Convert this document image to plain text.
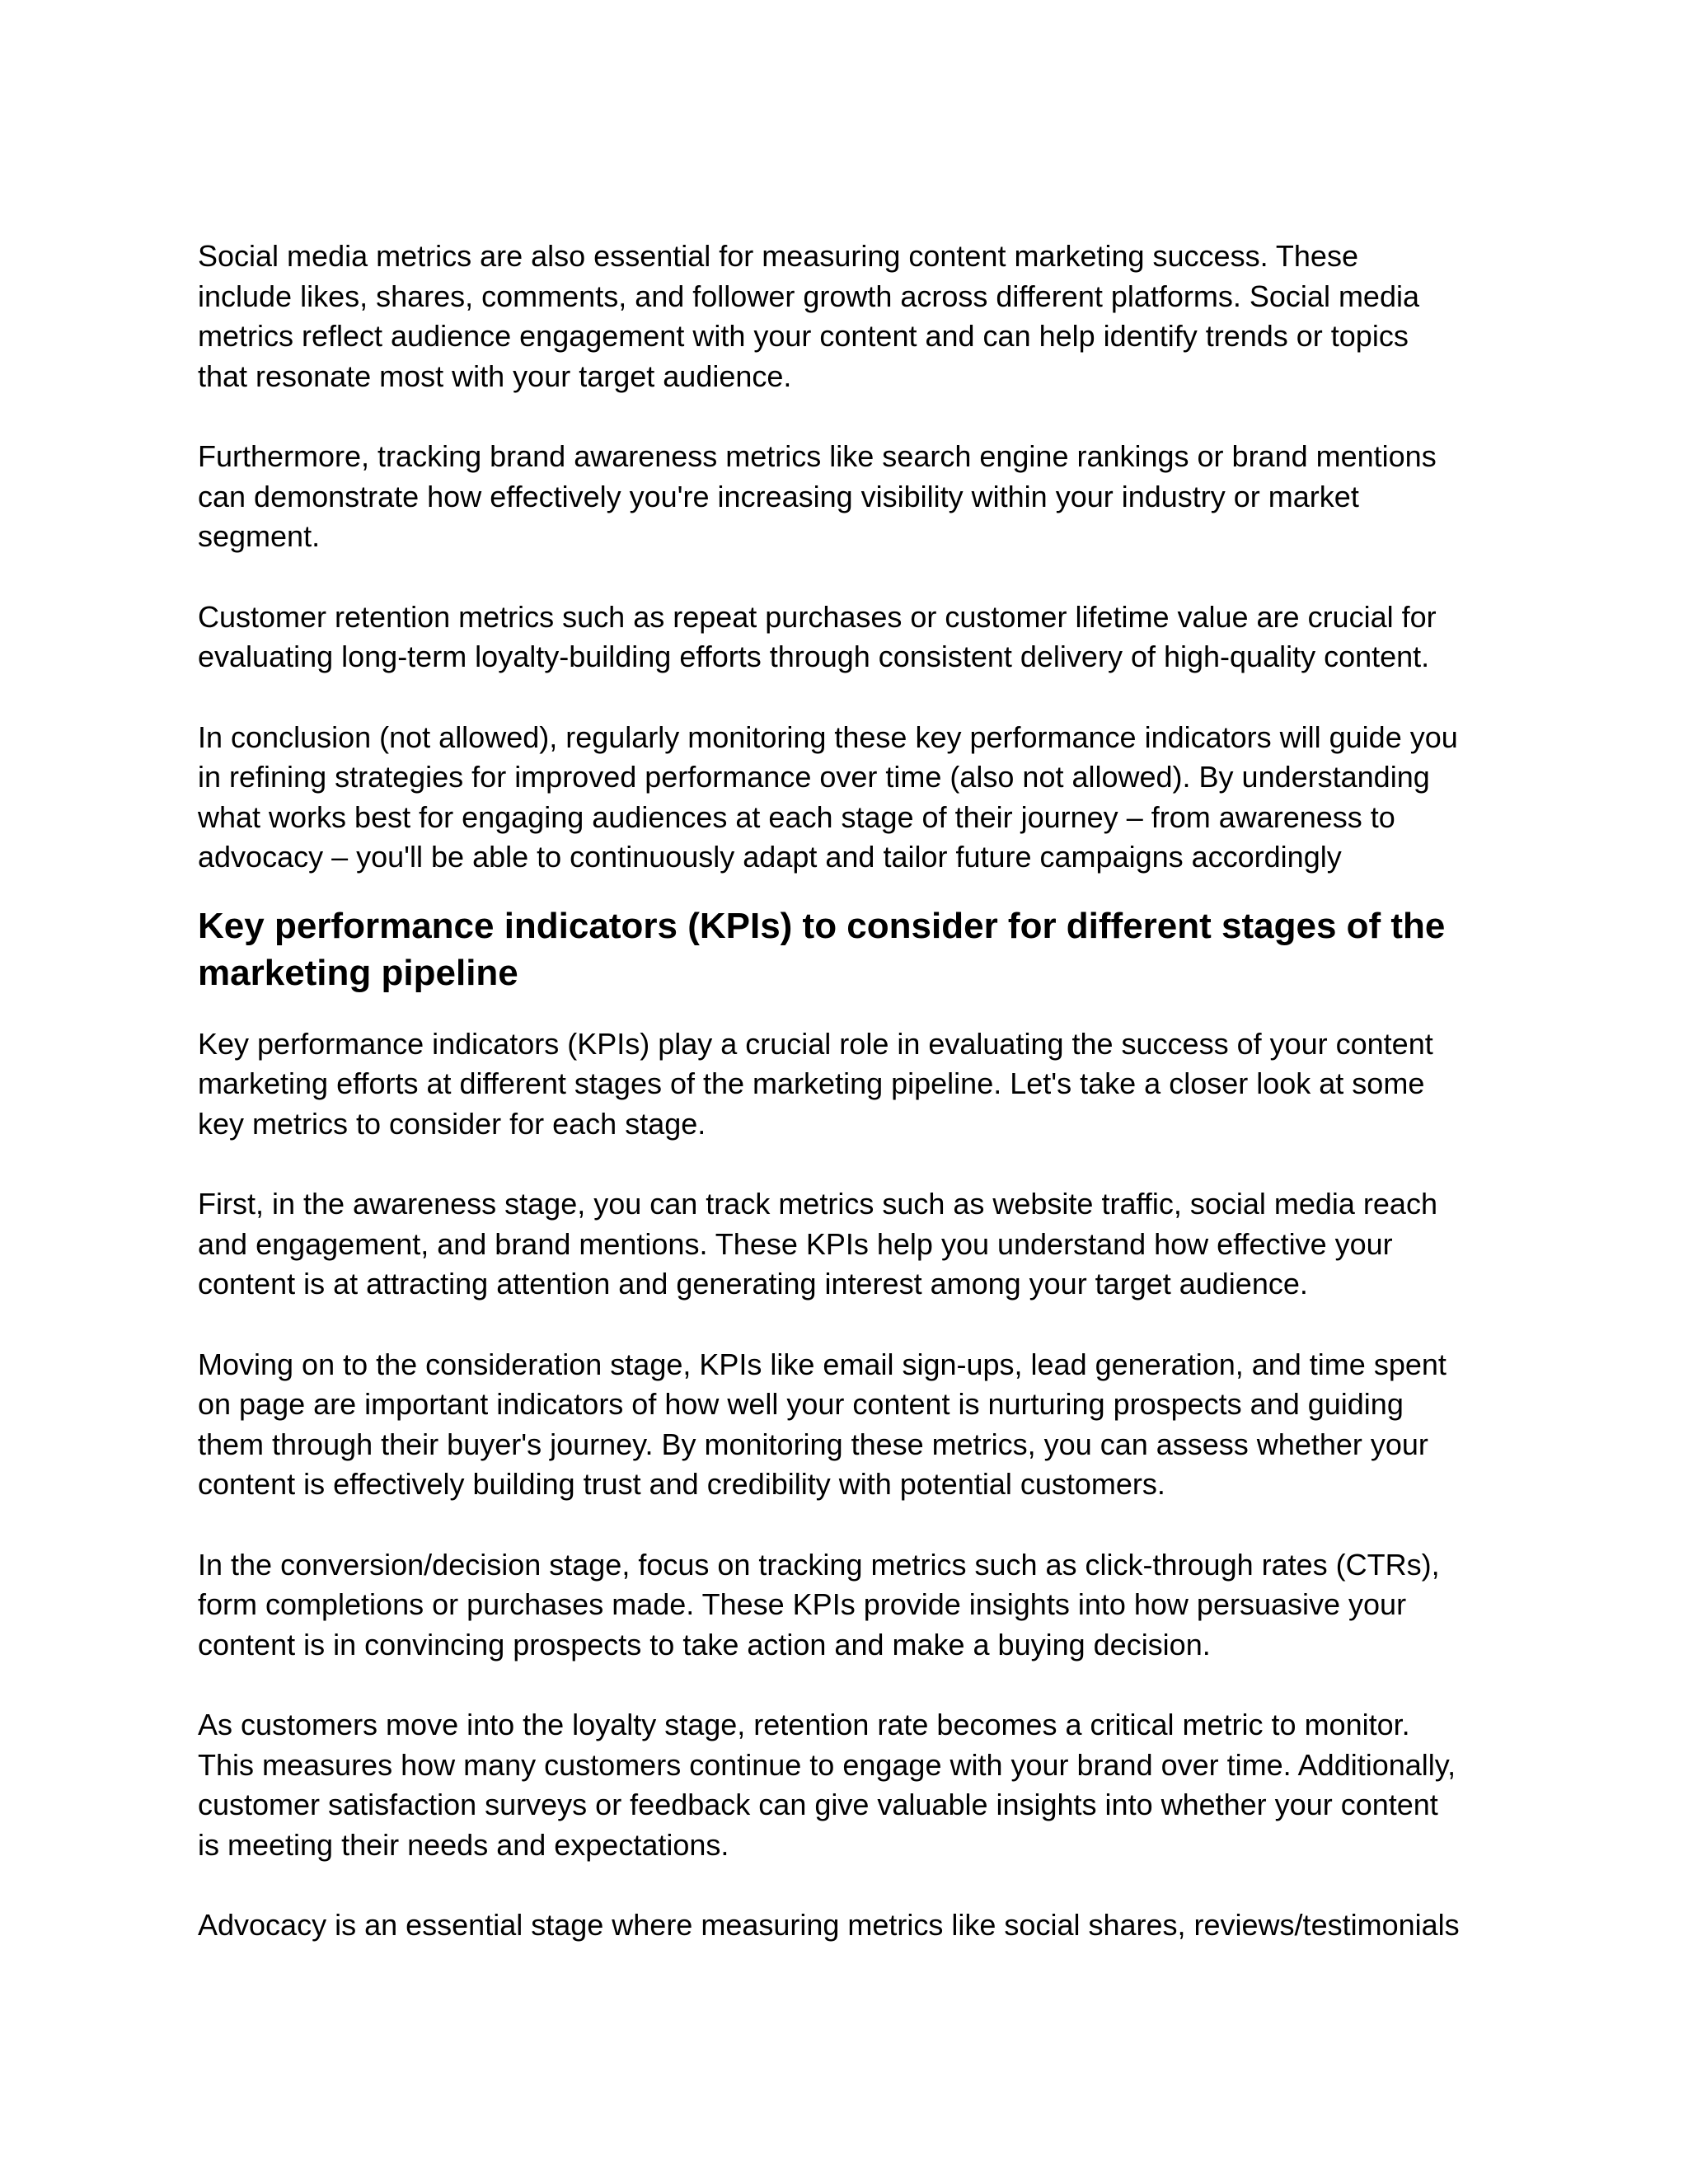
Social media metrics are also essential for measuring content marketing success. These
include likes, shares, comments, and follower growth across different platforms. Social media
metrics reflect audience engagement with your content and can help identify trends or topics
that resonate most with your target audience.

Furthermore, tracking brand awareness metrics like search engine rankings or brand mentions
can demonstrate how effectively you're increasing visibility within your industry or market
segment.

Customer retention metrics such as repeat purchases or customer lifetime value are crucial for
evaluating long-term loyalty-building efforts through consistent delivery of high-quality content.

In conclusion (not allowed), regularly monitoring these key performance indicators will guide you
in refining strategies for improved performance over time (also not allowed). By understanding
what works best for engaging audiences at each stage of their journey – from awareness to
advocacy – you'll be able to continuously adapt and tailor future campaigns accordingly

Key performance indicators (KPIs) to consider for different stages of the
marketing pipeline

Key performance indicators (KPIs) play a crucial role in evaluating the success of your content
marketing efforts at different stages of the marketing pipeline. Let's take a closer look at some
key metrics to consider for each stage.

First, in the awareness stage, you can track metrics such as website traffic, social media reach
and engagement, and brand mentions. These KPIs help you understand how effective your
content is at attracting attention and generating interest among your target audience.

Moving on to the consideration stage, KPIs like email sign-ups, lead generation, and time spent
on page are important indicators of how well your content is nurturing prospects and guiding
them through their buyer's journey. By monitoring these metrics, you can assess whether your
content is effectively building trust and credibility with potential customers.

In the conversion/decision stage, focus on tracking metrics such as click-through rates (CTRs),
form completions or purchases made. These KPIs provide insights into how persuasive your
content is in convincing prospects to take action and make a buying decision.

As customers move into the loyalty stage, retention rate becomes a critical metric to monitor.
This measures how many customers continue to engage with your brand over time. Additionally,
customer satisfaction surveys or feedback can give valuable insights into whether your content
is meeting their needs and expectations.

Advocacy is an essential stage where measuring metrics like social shares, reviews/testimonials
